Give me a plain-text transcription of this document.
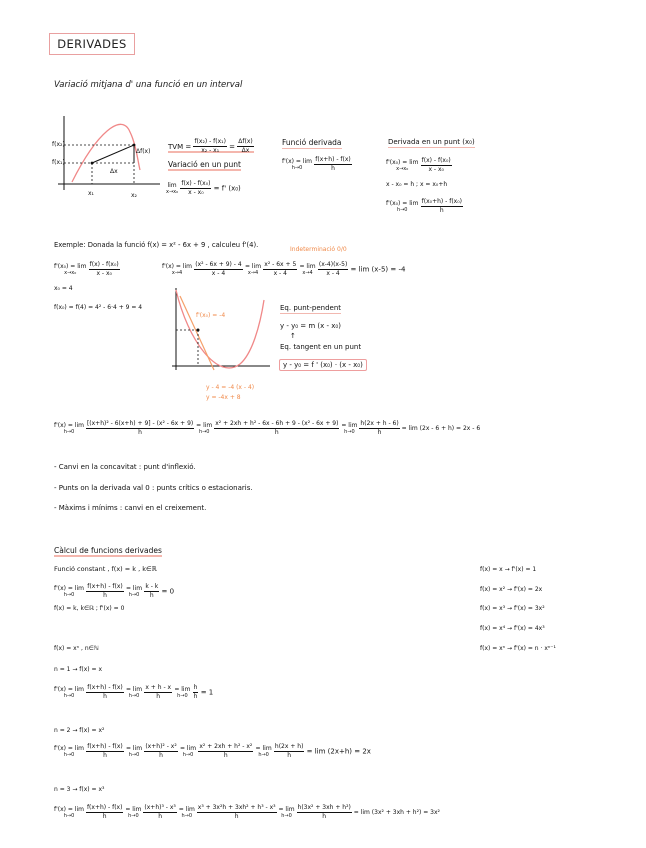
DERIVADES
Variació mitjana d' una funció en un interval
f(x₂)
f(x₁)
x₁	x₂
Δx
Δf(x)
TVM = $\frac{\text{f(x₂) - f(x₁)}}{\text{x₂ - x₁}} = \frac{\Delta f(x)}{\Delta x}$
Variació en un punt
lim
x→x₀
$\frac{\text{f(x) - f(x₀)}}{\text{x - x₀}} = f'$ (x₀)
Funció derivada
f'(x) = lim
h→0
$\frac{f(x+h) - f(x)}{h}$
Derivada en un punt (x₀)
f'(x₀) = lim
x→x₀
$\frac{\text{f(x) - f(x₀)}}{\text{x - x₀}}$
x - x₀ = h ; x = x₀+h
f'(x₀) = lim
h→0
$\frac{\text{f(x₀+h) - f(x₀)}}{h}$
Exemple: Donada la funció f(x) = x² - 6x + 9 , calculeu f'(4).
Indeterminació 0/0
f'(x₀) = lim
x→x₀
$\frac{\text{f(x) - f(x₀)}}{\text{x - x₀}}$
x₀ = 4
f(x₀) = f(4) = 4² - 6·4 + 9 = 4
f'(x) = lim
x→4
$\frac{\text{(x² - 6x + 9) - 4}}{x - 4}$
= lim
x→4
$\frac{\text{x² - 6x + 5}}{x - 4}$
= lim
x→4
$\frac{(x-4)(x-5)}{x - 4} = \lim (x-5) = -4$
f'(x₀) = -4
y - 4 = -4 (x - 4)
y = -4x + 8
Eq. punt-pendent
y - y₀ = m (x - x₀)
↑
Eq. tangent en un punt
y - y₀ = f ' (x₀) · (x - x₀)
f'(x) = lim
h→0
$\frac{\text{[(x+h)² - 6(x+h) + 9] - (x² - 6x + 9)}}{h}$
= lim
h→0
$\frac{\text{x² + 2xh + h² - 6x - 6h + 9 - (x² - 6x + 9)}}{h}$
= lim
h→0
$\frac{h(2x + h - 6)}{h} = \lim (2x - 6 + h) = 2x - 6$
- Canvi en la concavitat : punt d'inflexió.
- Punts on la derivada val 0 : punts crítics o estacionaris.
- Màxims i mínims : canvi en el creixement.
Càlcul de funcions derivades
Funció constant , f(x) = k , k∈ℝ
f'(x) = lim
h→0
$\frac{f(x+h) - f(x)}{h}$
= lim
h→0
$\frac{k - k}{h} = 0$
f(x) = k, k∈ℝ ; f'(x) = 0
f(x) = xⁿ , n∈ℕ
n = 1 → f(x) = x
f'(x) = lim
h→0
$\frac{f(x+h) - f(x)}{h}$
= lim
h→0
$\frac{x + h - x}{h}$
= lim
h→0
$\frac{h}{h} = 1$
n = 2 → f(x) = x²
f'(x) = lim
h→0
$\frac{f(x+h) - f(x)}{h}$
= lim
h→0
$\frac{\text{(x+h)² - x²}}{h}$
= lim
h→0
$\frac{\text{x² + 2xh + h² - x²}}{h}$
= lim
h→0
$\frac{h(2x + h)}{h} = \lim (2x+h) = 2x$
n = 3 → f(x) = x³
f'(x) = lim
h→0
$\frac{f(x+h) - f(x)}{h}$
= lim
h→0
$\frac{\text{(x+h)³ - x³}}{h}$
= lim
h→0
$\frac{\text{x³ + 3x²h + 3xh² + h³ - x³}}{h}$
= lim
h→0
$\frac{\text{h(3x² + 3xh + h²)}}{h} = \lim (3x^2 + 3xh + h^2) = 3x^2$
f(x) = x → f'(x) = 1
f(x) = x² → f'(x) = 2x
f(x) = x³ → f'(x) = 3x²
f(x) = x⁴ → f'(x) = 4x³
f(x) = xⁿ → f'(x) = n · xⁿ⁻¹
